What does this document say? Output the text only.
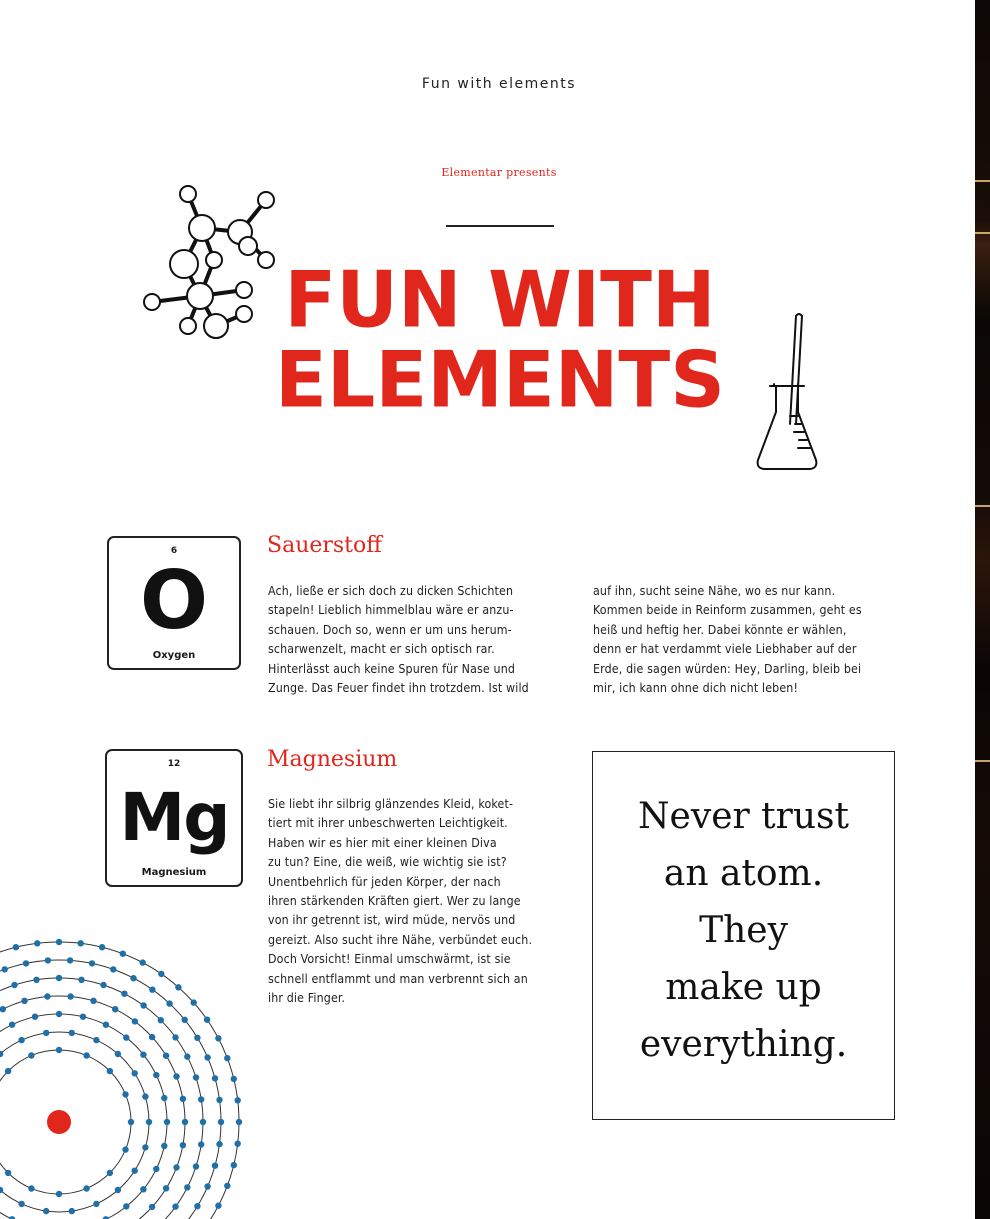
Fun with elements
Elementar presents
FUN WITH
ELEMENTS
6
O
Oxygen
Sauerstoff
Ach, ließe er sich doch zu dicken Schichten
stapeln! Lieblich himmelblau wäre er anzu-
schauen. Doch so, wenn er um uns herum-
scharwenzelt, macht er sich optisch rar.
Hinterlässt auch keine Spuren für Nase und
Zunge. Das Feuer findet ihn trotzdem. Ist wild
auf ihn, sucht seine Nähe, wo es nur kann.
Kommen beide in Reinform zusammen, geht es
heiß und heftig her. Dabei könnte er wählen,
denn er hat verdammt viele Liebhaber auf der
Erde, die sagen würden: Hey, Darling, bleib bei
mir, ich kann ohne dich nicht leben!
12
Mg
Magnesium
Magnesium
Sie liebt ihr silbrig glänzendes Kleid, koket-
tiert mit ihrer unbeschwerten Leichtigkeit.
Haben wir es hier mit einer kleinen Diva
zu tun? Eine, die weiß, wie wichtig sie ist?
Unentbehrlich für jeden Körper, der nach
ihren stärkenden Kräften giert. Wer zu lange
von ihr getrennt ist, wird müde, nervös und
gereizt. Also sucht ihre Nähe, verbündet euch.
Doch Vorsicht! Einmal umschwärmt, ist sie
schnell entflammt und man verbrennt sich an
ihr die Finger.
Never trust
an atom.
They
make up
everything.
